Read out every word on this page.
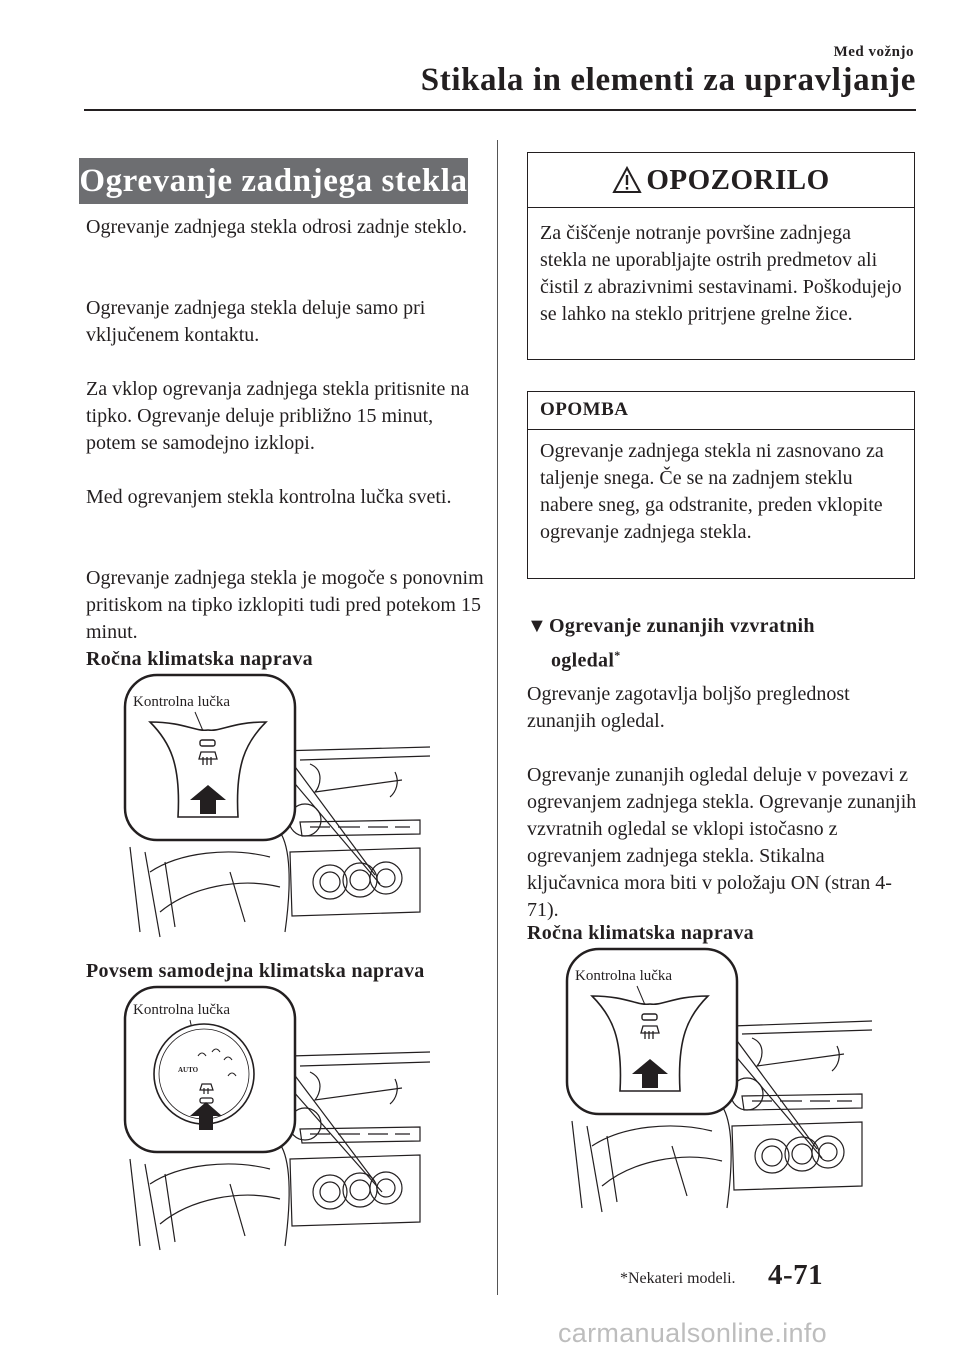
Med vožnjo
Stikala in elementi za upravljanje
Ogrevanje zadnjega stekla

Ogrevanje zadnjega stekla odrosi zadnje steklo.

Ogrevanje zadnjega stekla deluje samo pri vključenem kontaktu.

Za vklop ogrevanja zadnjega stekla pritisnite na tipko. Ogrevanje deluje približno 15 minut, potem se samodejno izklopi.

Med ogrevanjem stekla kontrolna lučka sveti.

Ogrevanje zadnjega stekla je mogoče s ponovnim pritiskom na tipko izklopiti tudi pred potekom 15 minut.

Ročna klimatska naprava
Kontrolna lučka
Povsem samodejna klimatska naprava
Kontrolna lučka
AUTO
OPOZORILO
Za čiščenje notranje površine zadnjega stekla ne uporabljajte ostrih predmetov ali čistil z abrazivnimi sestavinami. Poškodujejo se lahko na steklo pritrjene grelne žice.
OPOMBA
Ogrevanje zadnjega stekla ni zasnovano za taljenje snega. Če se na zadnjem steklu nabere sneg, ga odstranite, preden vklopite ogrevanje zadnjega stekla.
▼Ogrevanje zunanjih vzvratnih
ogledal*

Ogrevanje zagotavlja boljšo preglednost zunanjih ogledal.

Ogrevanje zunanjih ogledal deluje v povezavi z ogrevanjem zadnjega stekla. Ogrevanje zunanjih vzvratnih ogledal se vklopi istočasno z ogrevanjem zadnjega stekla. Stikalna ključavnica mora biti v položaju ON (stran 4-71).

Ročna klimatska naprava
Kontrolna lučka
*Nekateri modeli. 4-71
carmanualsonline.info
